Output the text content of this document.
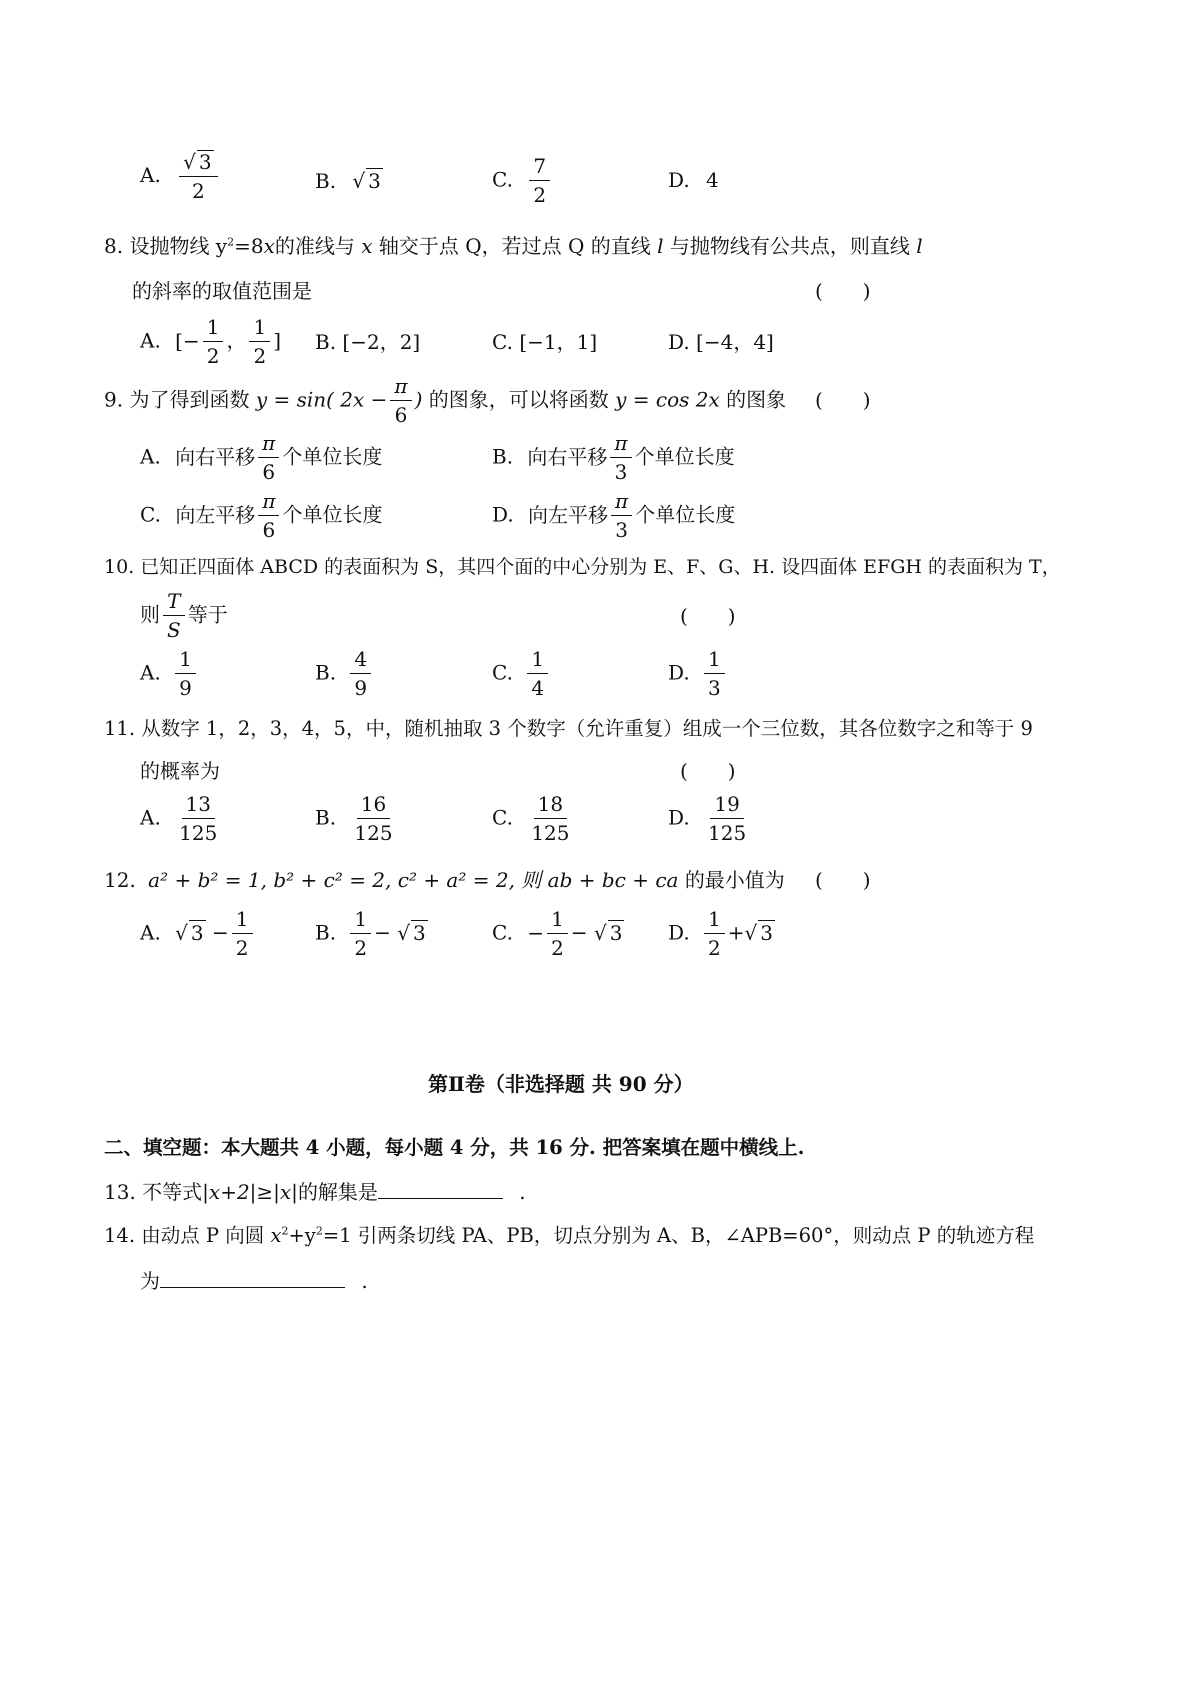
A. $\frac{√ 3}{2}$	B. √ 3	C. $\frac{7}{2}$	D. 4
8. 设抛物线 $y^2=8x$的准线与 x 轴交于点 Q，若过点 Q 的直线 l 与抛物线有公共点，则直线 l
的斜率的取值范围是	(　　)
A. [− $\frac{1}{2}$ ， $\frac{1}{2}$ ] B. [−2，2]	C. [−1，1]	D. [−4，4]
9. 为了得到函数 y = sin( $2x - \frac{\pi}{6}$ ) 的图象，可以将函数 y = cos 2x 的图象 (　　)
A. 向右平移 $\frac{\pi}{6}$ 个单位长度	B. 向右平移 $\frac{\pi}{3}$ 个单位长度
C. 向左平移 $\frac{\pi}{6}$ 个单位长度	D. 向左平移 $\frac{\pi}{3}$ 个单位长度
10. 已知正四面体 ABCD 的表面积为 S，其四个面的中心分别为 E、F、G、H. 设四面体 EFGH 的表面积为 T，
则 $\frac{T}{S}$ 等于	(　　)
A. $\frac{1}{9}$	B. $\frac{4}{9}$	C. $\frac{1}{4}$	D. $\frac{1}{3}$
11. 从数字 1，2，3，4，5，中，随机抽取 3 个数字（允许重复）组成一个三位数，其各位数字之和等于 9
的概率为	(　　)
A. $\frac{13}{125}$	B. $\frac{16}{125}$	C. $\frac{18}{125}$	D. $\frac{19}{125}$
12. a² + b² = 1, b² + c² = 2, c² + a² = 2, 则 ab + bc + ca 的最小值为 (　　)
A. √ $3 - \frac{1}{2}$	B. $\frac{1}{2}$ − √ 3	C. − $\frac{1}{2}$ − √ 3 D. $\frac{1}{2}$ +√ 3
第Ⅱ卷（非选择题 共 90 分）
二、填空题：本大题共 4 小题，每小题 4 分，共 16 分. 把答案填在题中横线上.
13. 不等式|x+2|≥|x|的解集是	.
14. 由动点 P 向圆 $x^2+y^2=1$ 引两条切线 PA、PB，切点分别为 A、B，∠APB=60°，则动点 P 的轨迹方程
为	.
